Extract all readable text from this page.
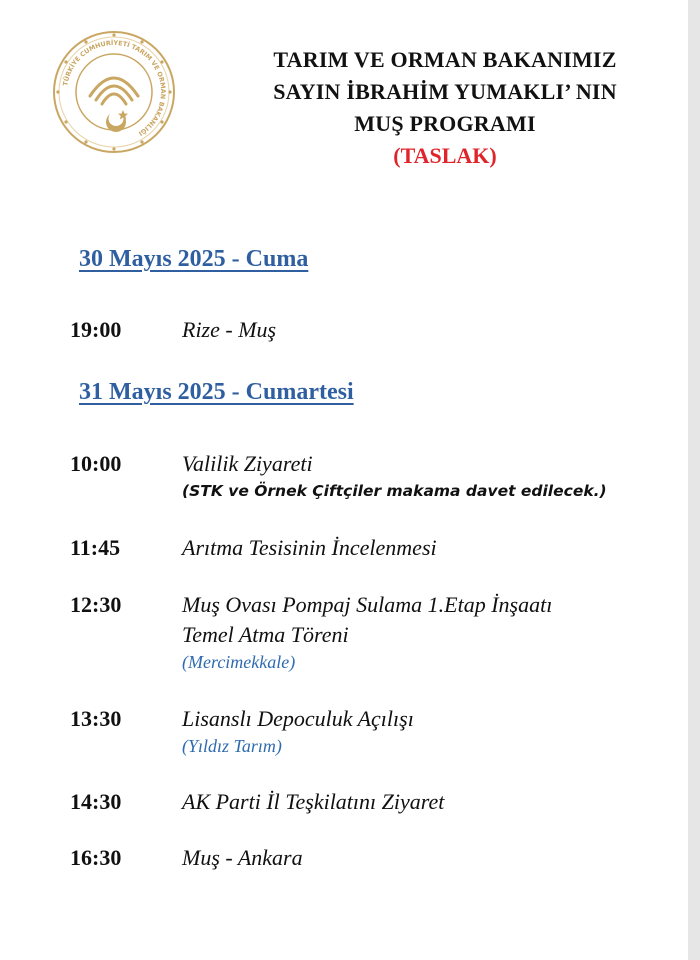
TÜRKİYE CUMHURİYETİ TARIM VE ORMAN BAKANLIĞI
TARIM VE ORMAN BAKANIMIZ
SAYIN İBRAHİM YUMAKLI’ NIN
MUŞ PROGRAMI
(TASLAK)
30 Mayıs 2025 - Cuma
19:00	Rize - Muş
31 Mayıs 2025 - Cumartesi
10:00	Valilik Ziyareti
(STK ve Örnek Çiftçiler makama davet edilecek.)
11:45	Arıtma Tesisinin İncelenmesi
12:30	Muş Ovası Pompaj Sulama 1.Etap İnşaatı
Temel Atma Töreni
(Mercimekkale)
13:30	Lisanslı Depoculuk Açılışı
(Yıldız Tarım)
14:30	AK Parti İl Teşkilatını Ziyaret
16:30	Muş - Ankara
